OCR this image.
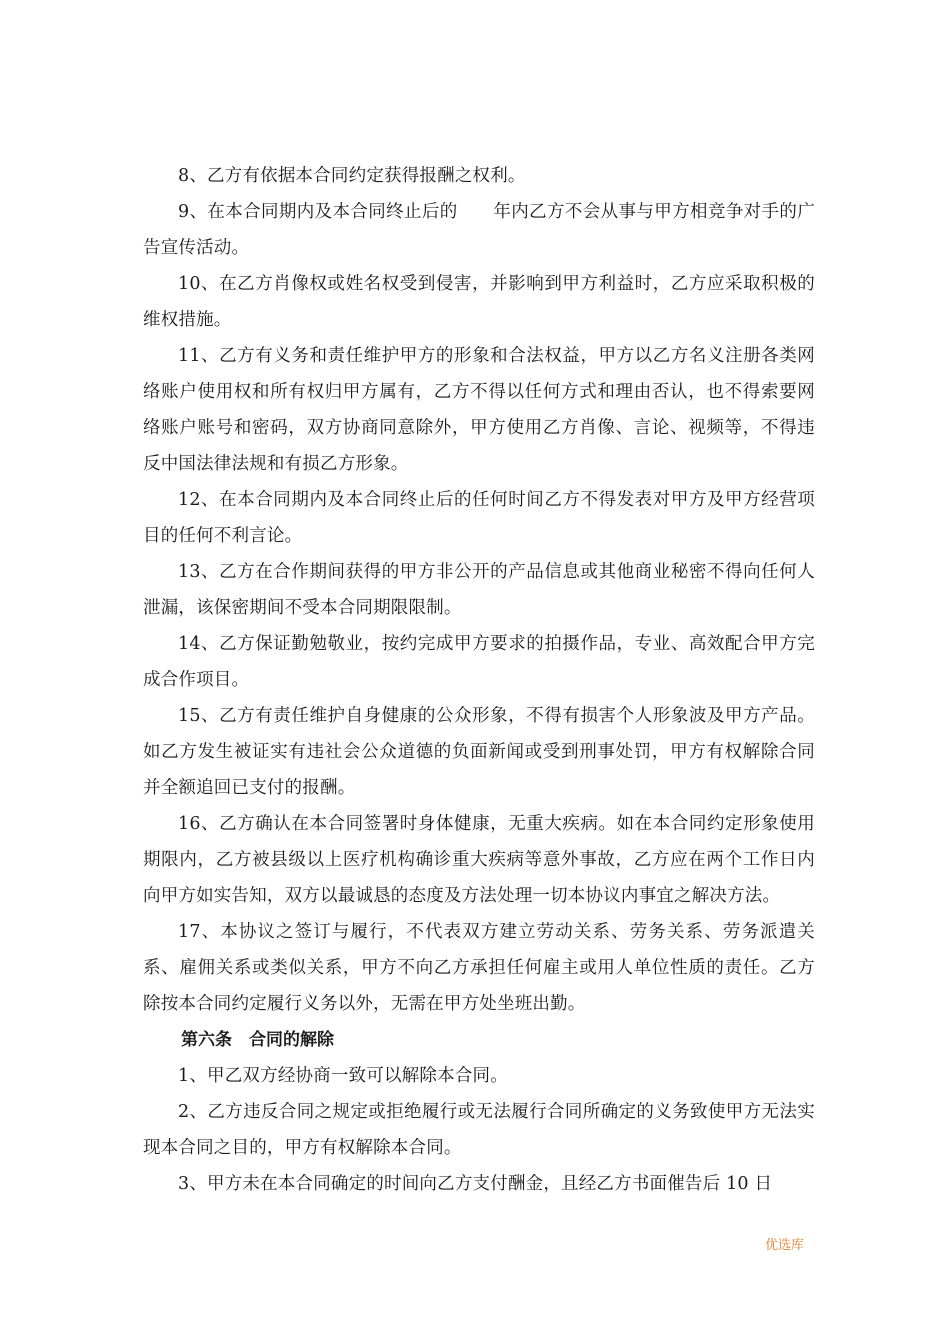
8、乙方有依据本合同约定获得报酬之权利。

9、在本合同期内及本合同终止后的　　年内乙方不会从事与甲方相竞争对手的广告宣传活动。

10、在乙方肖像权或姓名权受到侵害，并影响到甲方利益时，乙方应采取积极的维权措施。

11、乙方有义务和责任维护甲方的形象和合法权益，甲方以乙方名义注册各类网络账户使用权和所有权归甲方属有，乙方不得以任何方式和理由否认，也不得索要网络账户账号和密码，双方协商同意除外，甲方使用乙方肖像、言论、视频等，不得违反中国法律法规和有损乙方形象。

12、在本合同期内及本合同终止后的任何时间乙方不得发表对甲方及甲方经营项目的任何不利言论。

13、乙方在合作期间获得的甲方非公开的产品信息或其他商业秘密不得向任何人泄漏，该保密期间不受本合同期限限制。

14、乙方保证勤勉敬业，按约完成甲方要求的拍摄作品，专业、高效配合甲方完成合作项目。

15、乙方有责任维护自身健康的公众形象，不得有损害个人形象波及甲方产品。如乙方发生被证实有违社会公众道德的负面新闻或受到刑事处罚，甲方有权解除合同并全额追回已支付的报酬。

16、乙方确认在本合同签署时身体健康，无重大疾病。如在本合同约定形象使用期限内，乙方被县级以上医疗机构确诊重大疾病等意外事故，乙方应在两个工作日内向甲方如实告知，双方以最诚恳的态度及方法处理一切本协议内事宜之解决方法。

17、本协议之签订与履行，不代表双方建立劳动关系、劳务关系、劳务派遣关系、雇佣关系或类似关系，甲方不向乙方承担任何雇主或用人单位性质的责任。乙方除按本合同约定履行义务以外，无需在甲方处坐班出勤。

第六条　合同的解除

1、甲乙双方经协商一致可以解除本合同。

2、乙方违反合同之规定或拒绝履行或无法履行合同所确定的义务致使甲方无法实现本合同之目的，甲方有权解除本合同。

3、甲方未在本合同确定的时间向乙方支付酬金，且经乙方书面催告后 10 日

优选库
